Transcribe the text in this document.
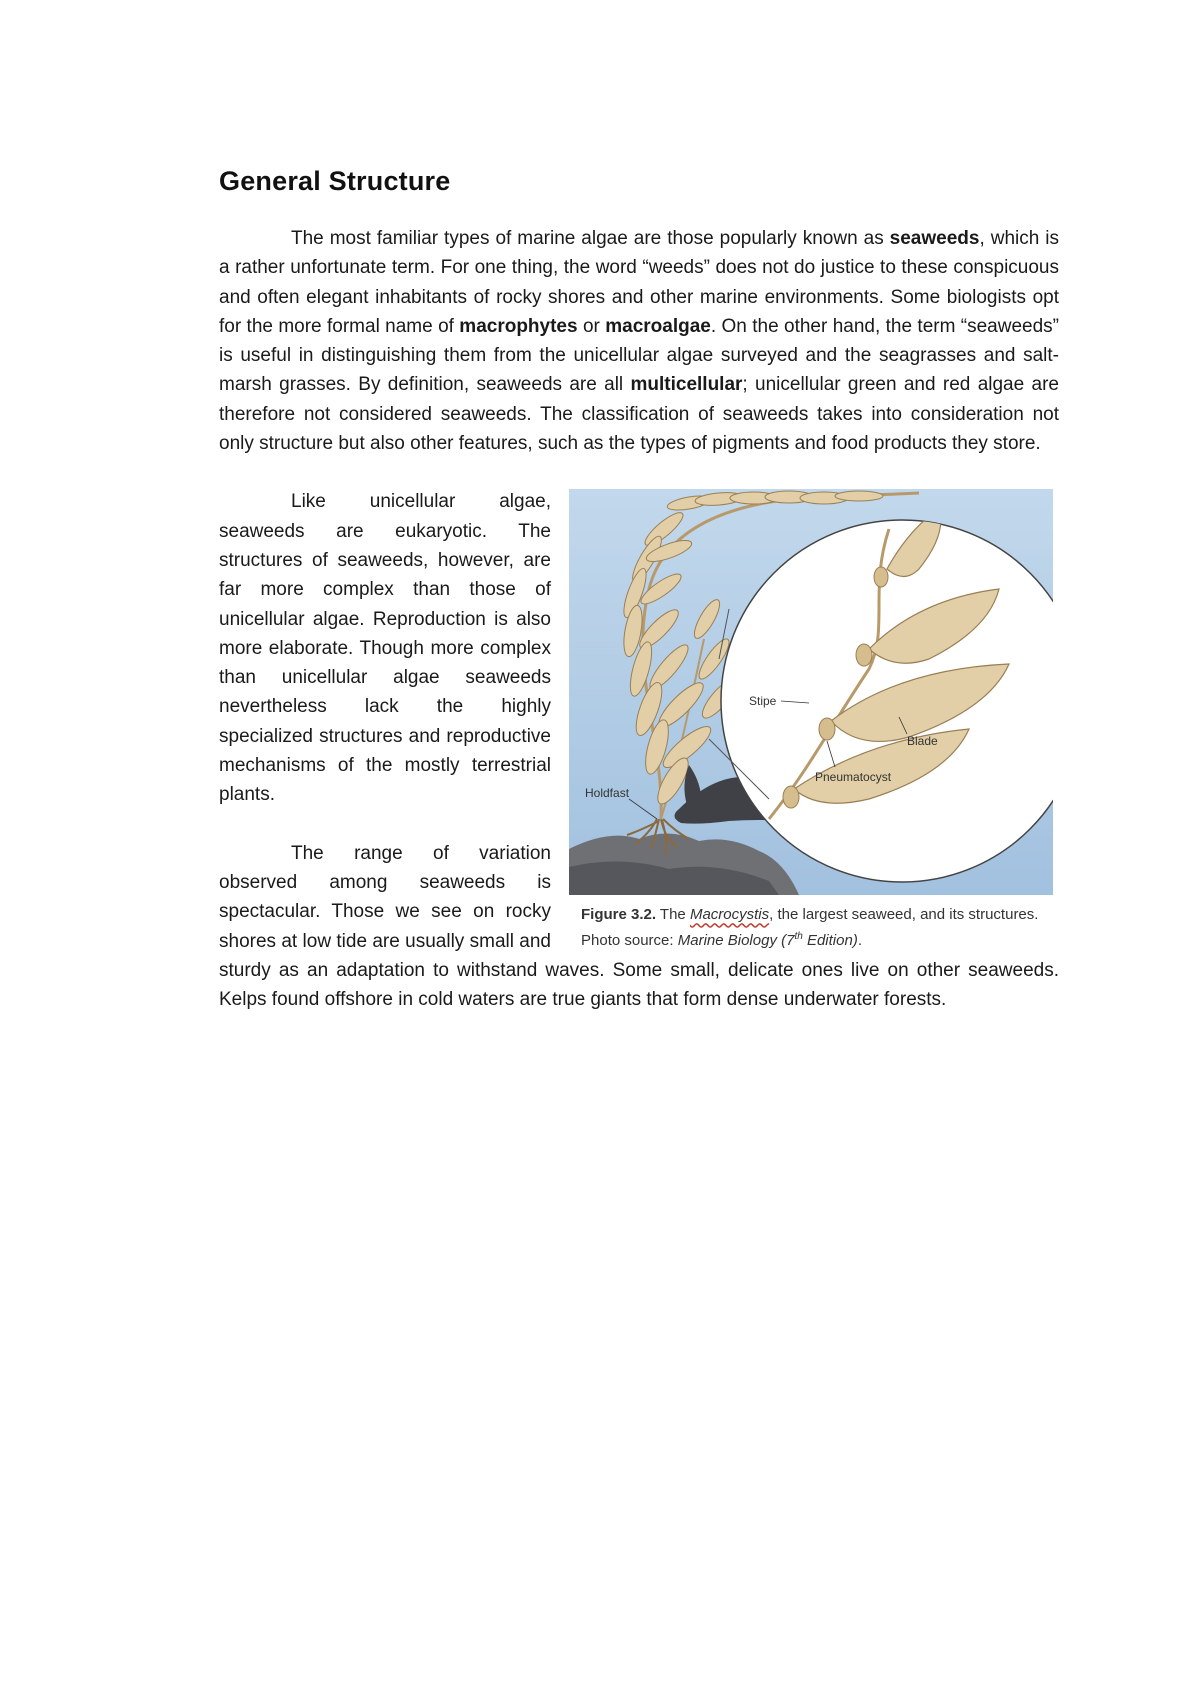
General Structure

The most familiar types of marine algae are those popularly known as seaweeds, which is a rather unfortunate term. For one thing, the word “weeds” does not do justice to these conspicuous and often elegant inhabitants of rocky shores and other marine environments. Some biologists opt for the more formal name of macrophytes or macroalgae. On the other hand, the term “seaweeds” is useful in distinguishing them from the unicellular algae surveyed and the seagrasses and salt-marsh grasses. By definition, seaweeds are all multicellular; unicellular green and red algae are therefore not considered seaweeds. The classification of seaweeds takes into consideration not only structure but also other features, such as the types of pigments and food products they store.

Stipe
Blade
Pneumatocyst
Holdfast
Figure 3.2. The Macrocystis, the largest seaweed, and its structures. Photo source: Marine Biology (7th Edition).

Like unicellular algae, seaweeds are eukaryotic. The structures of seaweeds, however, are far more complex than those of unicellular algae. Reproduction is also more elaborate. Though more complex than unicellular algae seaweeds nevertheless lack the highly specialized structures and reproductive mechanisms of the mostly terrestrial plants.

The range of variation observed among seaweeds is spectacular. Those we see on rocky shores at low tide are usually small and sturdy as an adaptation to withstand waves. Some small, delicate ones live on other seaweeds. Kelps found offshore in cold waters are true giants that form dense underwater forests.
